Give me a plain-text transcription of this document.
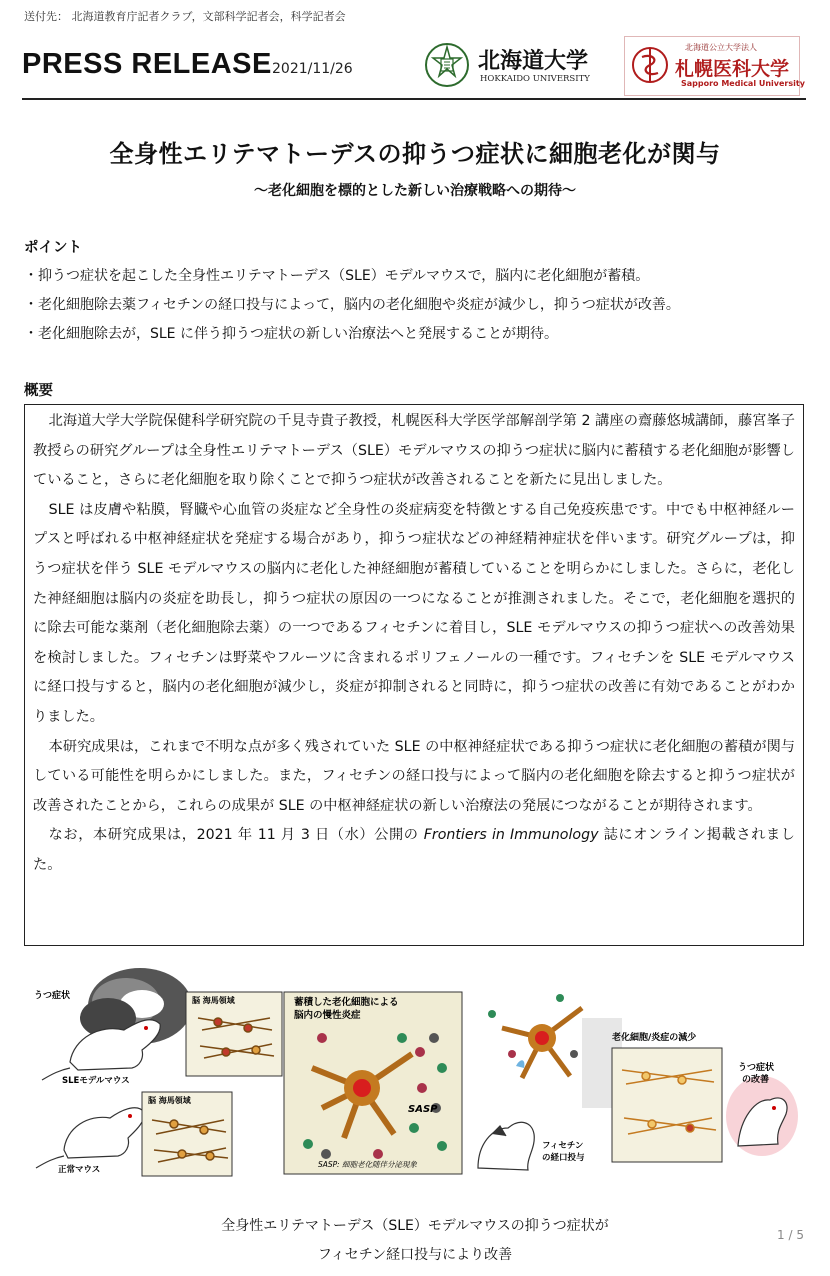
送付先： 北海道教育庁記者クラブ，文部科学記者会，科学記者会
PRESS RELEASE 2021/11/26	北海道大学
HOKKAIDO UNIVERSITY
北海道公立大学法人
札幌医科大学
Sapporo Medical University
全身性エリテマトーデスの抑うつ症状に細胞老化が関与
〜老化細胞を標的とした新しい治療戦略への期待〜
ポイント
・抑うつ症状を起こした全身性エリテマトーデス（SLE）モデルマウスで，脳内に老化細胞が蓄積。
・老化細胞除去薬フィセチンの経口投与によって，脳内の老化細胞や炎症が減少し，抑うつ症状が改善。
・老化細胞除去が，SLE に伴う抑うつ症状の新しい治療法へと発展することが期待。
概要

北海道大学大学院保健科学研究院の千見寺貴子教授，札幌医科大学医学部解剖学第 2 講座の齋藤悠城講師，藤宮峯子教授らの研究グループは全身性エリテマトーデス（SLE）モデルマウスの抑うつ症状に脳内に蓄積する老化細胞が影響していること，さらに老化細胞を取り除くことで抑うつ症状が改善されることを新たに見出しました。

SLE は皮膚や粘膜，腎臓や心血管の炎症など全身性の炎症病変を特徴とする自己免疫疾患です。中でも中枢神経ループスと呼ばれる中枢神経症状を発症する場合があり，抑うつ症状などの神経精神症状を伴います。研究グループは，抑うつ症状を伴う SLE モデルマウスの脳内に老化した神経細胞が蓄積していることを明らかにしました。さらに，老化した神経細胞は脳内の炎症を助長し，抑うつ症状の原因の一つになることが推測されました。そこで，老化細胞を選択的に除去可能な薬剤（老化細胞除去薬）の一つであるフィセチンに着目し，SLE モデルマウスの抑うつ症状への改善効果を検討しました。フィセチンは野菜やフルーツに含まれるポリフェノールの一種です。フィセチンを SLE モデルマウスに経口投与すると，脳内の老化細胞が減少し，炎症が抑制されると同時に，抑うつ症状の改善に有効であることがわかりました。

本研究成果は，これまで不明な点が多く残されていた SLE の中枢神経症状である抑うつ症状に老化細胞の蓄積が関与している可能性を明らかにしました。また，フィセチンの経口投与によって脳内の老化細胞を除去すると抑うつ症状が改善されたことから，これらの成果が SLE の中枢神経症状の新しい治療法の発展につながることが期待されます。

なお，本研究成果は，2021 年 11 月 3 日（水）公開の Frontiers in Immunology 誌にオンライン掲載されました。

うつ症状
SLEモデルマウス
正常マウス
脳 海馬領域
脳 海馬領域
蓄積した老化細胞による
脳内の慢性炎症
SASP
SASP: 細胞老化随伴分泌現象
老化細胞/炎症の減少
うつ症状
の改善
フィセチン
の経口投与
全身性エリテマトーデス（SLE）モデルマウスの抑うつ症状が
フィセチン経口投与により改善
1 / 5
